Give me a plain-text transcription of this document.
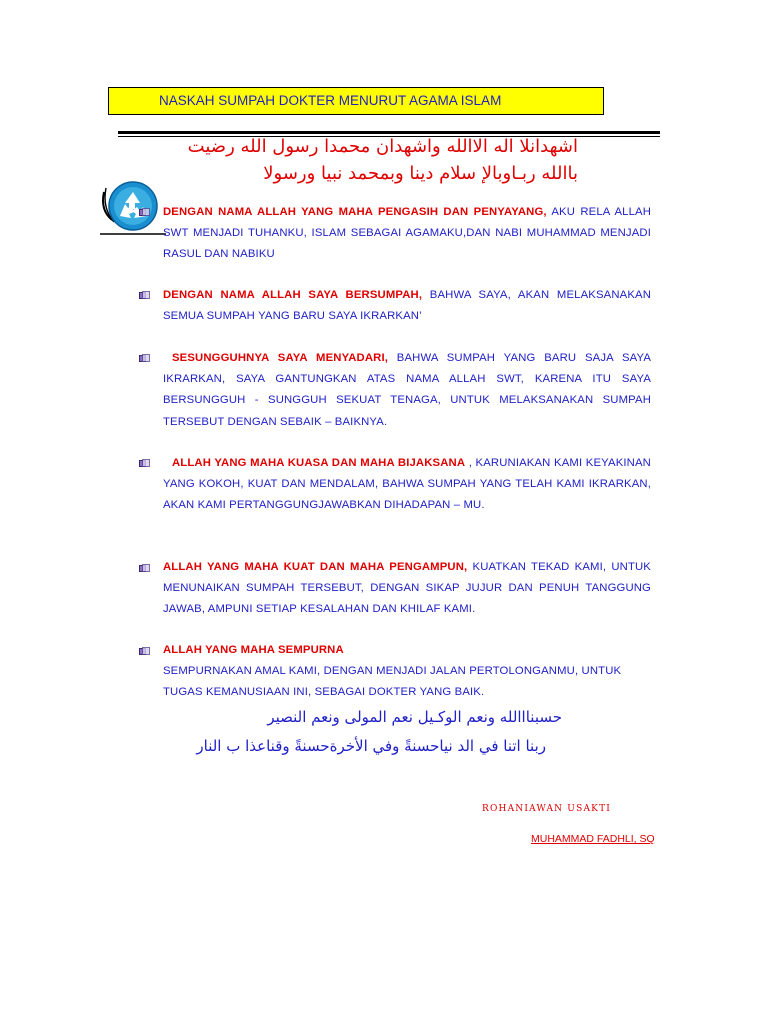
NASKAH SUMPAH DOKTER MENURUT AGAMA ISLAM
اشهدانلا اله الاالله واشهدان محمدا رسول الله رضيت
باالله ربـاوبالإ سلام دينا وبمحمد نبيا ورسولا
DENGAN NAMA ALLAH YANG MAHA PENGASIH DAN PENYAYANG, AKU RELA ALLAH SWT MENJADI TUHANKU, ISLAM SEBAGAI AGAMAKU,DAN NABI MUHAMMAD MENJADI RASUL DAN NABIKU
DENGAN NAMA ALLAH SAYA BERSUMPAH, BAHWA SAYA, AKAN MELAKSANAKAN SEMUA SUMPAH YANG BARU SAYA IKRARKAN’
SESUNGGUHNYA SAYA MENYADARI, BAHWA SUMPAH YANG BARU SAJA SAYA IKRARKAN, SAYA GANTUNGKAN ATAS NAMA ALLAH SWT, KARENA ITU SAYA BERSUNGGUH - SUNGGUH SEKUAT TENAGA, UNTUK MELAKSANAKAN SUMPAH TERSEBUT DENGAN SEBAIK – BAIKNYA.
ALLAH YANG MAHA KUASA DAN MAHA BIJAKSANA , KARUNIAKAN KAMI KEYAKINAN YANG KOKOH, KUAT DAN MENDALAM, BAHWA SUMPAH YANG TELAH KAMI IKRARKAN, AKAN KAMI PERTANGGUNGJAWABKAN DIHADAPAN – MU.
ALLAH YANG MAHA KUAT DAN MAHA PENGAMPUN, KUATKAN TEKAD KAMI, UNTUK MENUNAIKAN SUMPAH TERSEBUT, DENGAN SIKAP JUJUR DAN PENUH TANGGUNG JAWAB, AMPUNI SETIAP KESALAHAN DAN KHILAF KAMI.
ALLAH YANG MAHA SEMPURNA
SEMPURNAKAN AMAL KAMI, DENGAN MENJADI JALAN PERTOLONGANMU, UNTUK TUGAS KEMANUSIAAN INI, SEBAGAI DOKTER YANG BAIK.
حسبنااالله ونعم الوكـيل نعم المولى ونعم النصير
ربنا اتنا في الد نياحسنةً وفي الأخرةحسنةً وقناعذا ب النار
ROHANIAWAN USAKTI
MUHAMMAD FADHLI, SQ
